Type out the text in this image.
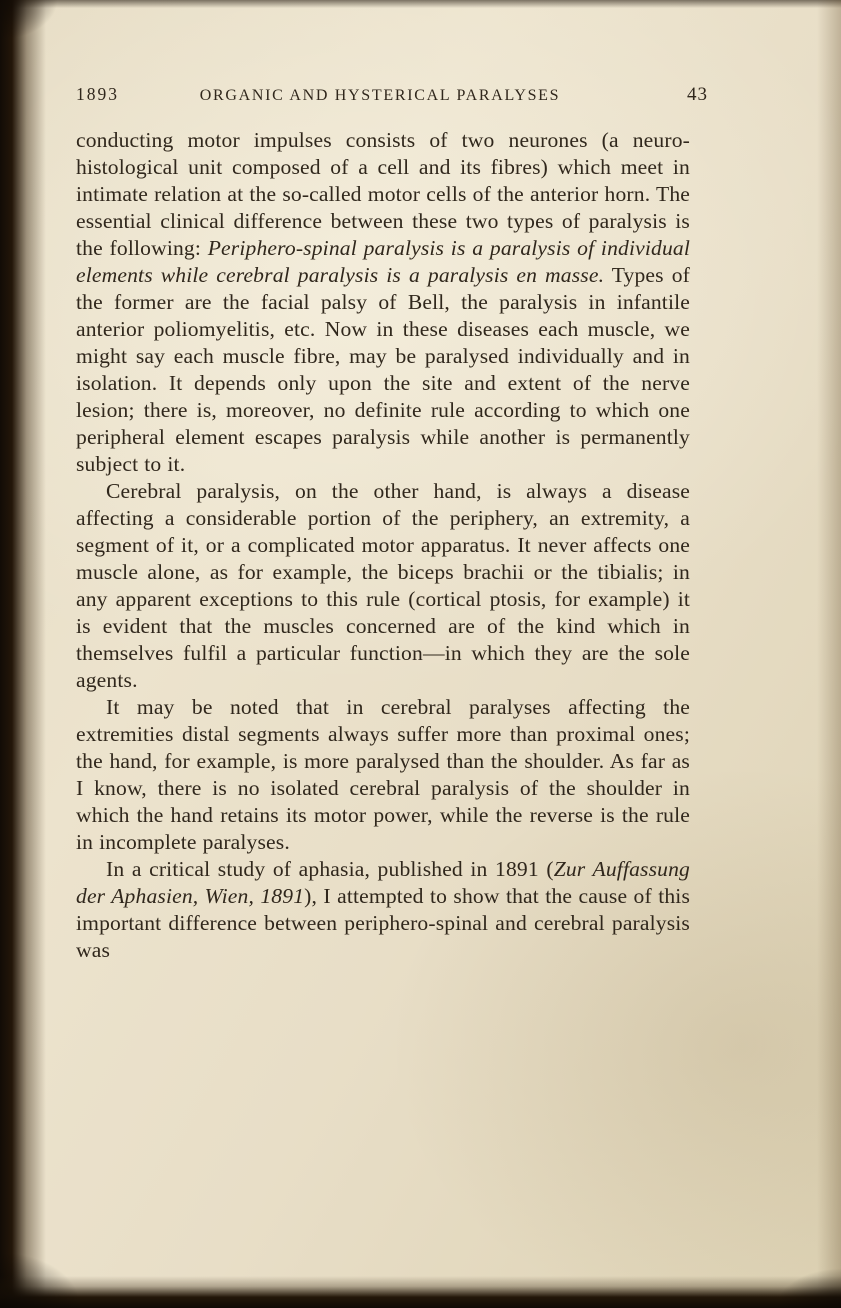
1893	ORGANIC AND HYSTERICAL PARALYSES	43

conducting motor impulses consists of two neurones (a neuro-histological unit composed of a cell and its fibres) which meet in intimate relation at the so-called motor cells of the anterior horn. The essential clinical difference between these two types of paralysis is the following: Periphero-spinal paralysis is a paralysis of individual elements while cerebral paralysis is a paralysis en masse. Types of the former are the facial palsy of Bell, the paralysis in infantile anterior poliomyelitis, etc. Now in these diseases each muscle, we might say each muscle fibre, may be paralysed individually and in isolation. It depends only upon the site and extent of the nerve lesion; there is, moreover, no definite rule according to which one peripheral element escapes paralysis while another is permanently subject to it.

Cerebral paralysis, on the other hand, is always a disease affecting a considerable portion of the periphery, an extremity, a segment of it, or a complicated motor apparatus. It never affects one muscle alone, as for example, the biceps brachii or the tibialis; in any apparent exceptions to this rule (cortical ptosis, for example) it is evident that the muscles concerned are of the kind which in themselves fulfil a particular function—in which they are the sole agents.

It may be noted that in cerebral paralyses affecting the extremities distal segments always suffer more than proximal ones; the hand, for example, is more paralysed than the shoulder. As far as I know, there is no isolated cerebral paralysis of the shoulder in which the hand retains its motor power, while the reverse is the rule in incomplete paralyses.

In a critical study of aphasia, published in 1891 (Zur Auffassung der Aphasien, Wien, 1891), I attempted to show that the cause of this important difference between periphero-spinal and cerebral paralysis was
